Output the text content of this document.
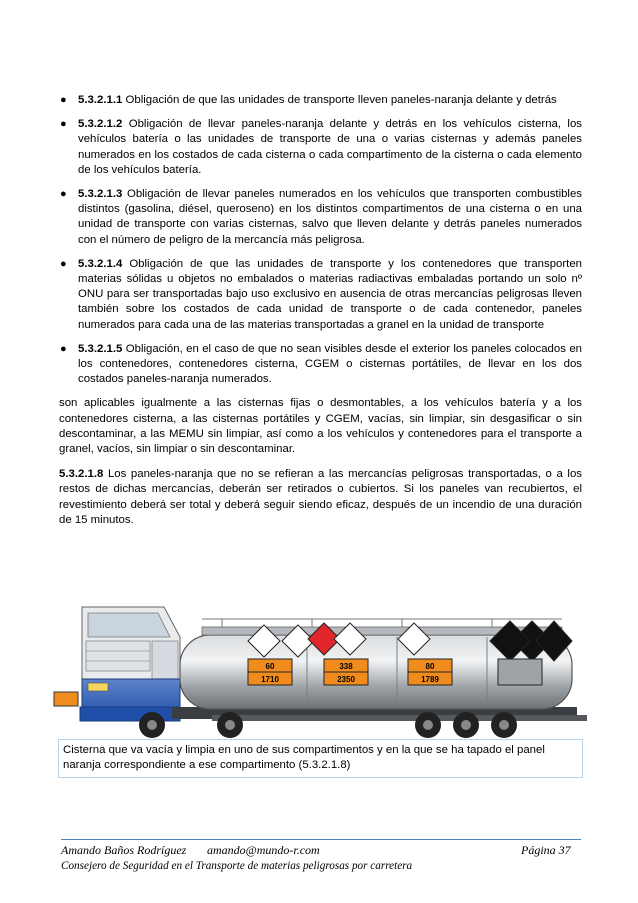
● 5.3.2.1.1 Obligación de que las unidades de transporte lleven paneles-naranja delante y detrás
● 5.3.2.1.2 Obligación de llevar paneles-naranja delante y detrás en los vehículos cisterna, los vehículos batería o las unidades de transporte de una o varias cisternas y además paneles numerados en los costados de cada cisterna o cada compartimento de la cisterna o cada elemento de los vehículos batería.
● 5.3.2.1.3 Obligación de llevar paneles numerados en los vehículos que transporten combustibles distintos (gasolina, diésel, queroseno) en los distintos compartimentos de una cisterna o en una unidad de transporte con varias cisternas, salvo que lleven delante y detrás paneles numerados con el número de peligro de la mercancía más peligrosa.
● 5.3.2.1.4 Obligación de que las unidades de transporte y los contenedores que transporten materias sólidas u objetos no embalados o materias radiactivas embaladas portando un solo nº ONU para ser transportadas bajo uso exclusivo en ausencia de otras mercancías peligrosas lleven también sobre los costados de cada unidad de transporte o de cada contenedor, paneles numerados para cada una de las materias transportadas a granel en la unidad de transporte
● 5.3.2.1.5 Obligación, en el caso de que no sean visibles desde el exterior los paneles colocados en los contenedores, contenedores cisterna, CGEM o cisternas portátiles, de llevar en los dos costados paneles-naranja numerados.

son aplicables igualmente a las cisternas fijas o desmontables, a los vehículos batería y a los contenedores cisterna, a las cisternas portátiles y CGEM, vacías, sin limpiar, sin desgasificar o sin descontaminar, a las MEMU sin limpiar, así como a los vehículos y contenedores para el transporte a granel, vacíos, sin limpiar o sin descontaminar.

5.3.2.1.8 Los paneles-naranja que no se refieran a las mercancías peligrosas transportadas, o a los restos de dichas mercancías, deberán ser retirados o cubiertos. Si los paneles van recubiertos, el revestimiento deberá ser total y deberá seguir siendo eficaz, después de un incendio de una duración de 15 minutos.

60
1710
338
2350
80
1789
Cisterna que va vacía y limpia en uno de sus compartimentos y en la que se ha tapado el panel naranja correspondiente a ese compartimento (5.3.2.1.8)
Amando Baños Rodríguez	amando@mundo-r.com	Página 37
Consejero de Seguridad en el Transporte de materias peligrosas por carretera
